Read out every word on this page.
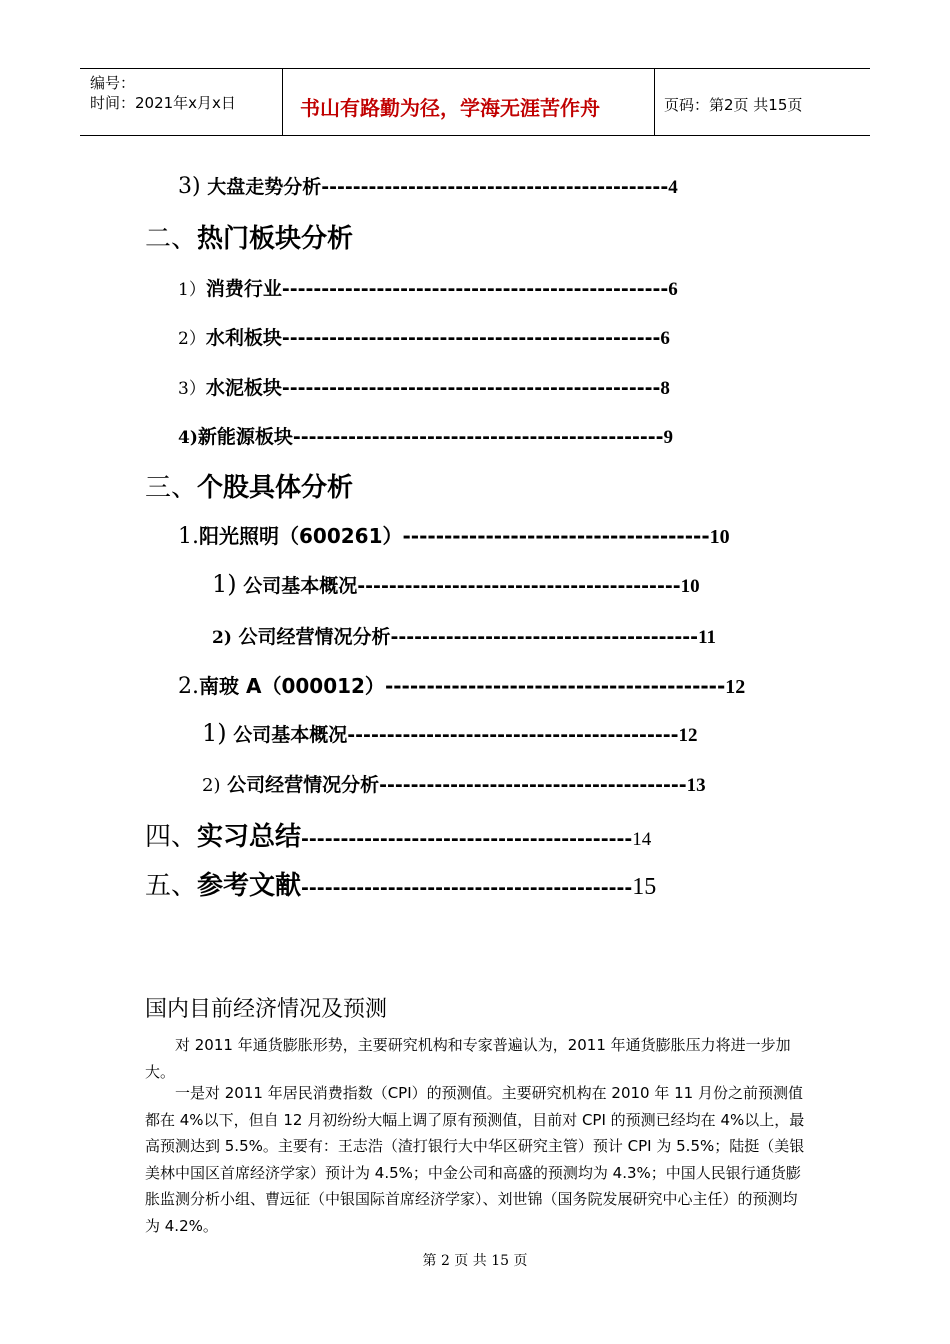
编号：
时间：2021年x月x日	书山有路勤为径，学海无涯苦作舟	页码：第2页 共15页
3) 大盘走势分析--------------------------------------------4
二、热门板块分析
1）消费行业-------------------------------------------------6
2）水利板块------------------------------------------------6
3）水泥板块------------------------------------------------8
4)新能源板块-----------------------------------------------9
三、个股具体分析
1.阳光照明（600261）-------------------------------------10
1) 公司基本概况-----------------------------------------10
2) 公司经营情况分析---------------------------------------11
2.南玻 A（000012）-----------------------------------------12
1) 公司基本概况------------------------------------------12
2) 公司经营情况分析---------------------------------------13
四、实习总结------------------------------------------14
五、参考文献------------------------------------------15
国内目前经济情况及预测
对 2011 年通货膨胀形势，主要研究机构和专家普遍认为，2011 年通货膨胀压力将进一步加大。
一是对 2011 年居民消费指数（CPI）的预测值。主要研究机构在 2010 年 11 月份之前预测值都在 4%以下，但自 12 月初纷纷大幅上调了原有预测值，目前对 CPI 的预测已经均在 4%以上，最高预测达到 5.5%。主要有：王志浩（渣打银行大中华区研究主管）预计 CPI 为 5.5%；陆挺（美银美林中国区首席经济学家）预计为 4.5%；中金公司和高盛的预测均为 4.3%；中国人民银行通货膨胀监测分析小组、曹远征（中银国际首席经济学家）、刘世锦（国务院发展研究中心主任）的预测均为 4.2%。
第 2 页 共 15 页
